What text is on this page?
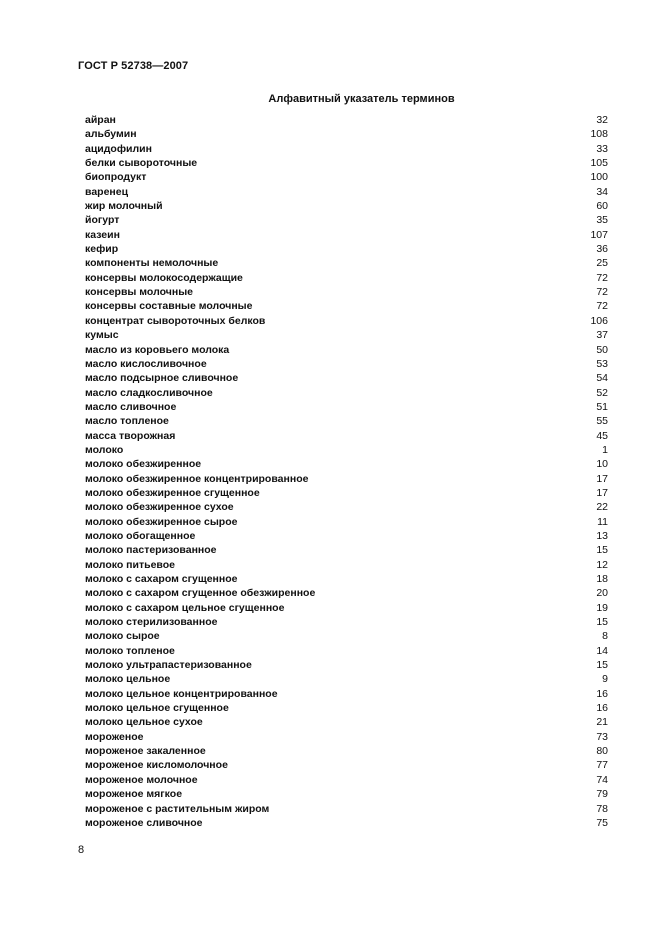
ГОСТ Р 52738—2007
Алфавитный указатель терминов
айран	32
альбумин	108
ацидофилин	33
белки сывороточные	105
биопродукт	100
варенец	34
жир молочный	60
йогурт	35
казеин	107
кефир	36
компоненты немолочные	25
консервы молокосодержащие	72
консервы молочные	72
консервы составные молочные	72
концентрат сывороточных белков	106
кумыс	37
масло из коровьего молока	50
масло кислосливочное	53
масло подсырное сливочное	54
масло сладкосливочное	52
масло сливочное	51
масло топленое	55
масса творожная	45
молоко	1
молоко обезжиренное	10
молоко обезжиренное концентрированное	17
молоко обезжиренное сгущенное	17
молоко обезжиренное сухое	22
молоко обезжиренное сырое	11
молоко обогащенное	13
молоко пастеризованное	15
молоко питьевое	12
молоко с сахаром сгущенное	18
молоко с сахаром сгущенное обезжиренное	20
молоко с сахаром цельное сгущенное	19
молоко стерилизованное	15
молоко сырое	8
молоко топленое	14
молоко ультрапастеризованное	15
молоко цельное	9
молоко цельное концентрированное	16
молоко цельное сгущенное	16
молоко цельное сухое	21
мороженое	73
мороженое закаленное	80
мороженое кисломолочное	77
мороженое молочное	74
мороженое мягкое	79
мороженое с растительным жиром	78
мороженое сливочное	75
8
